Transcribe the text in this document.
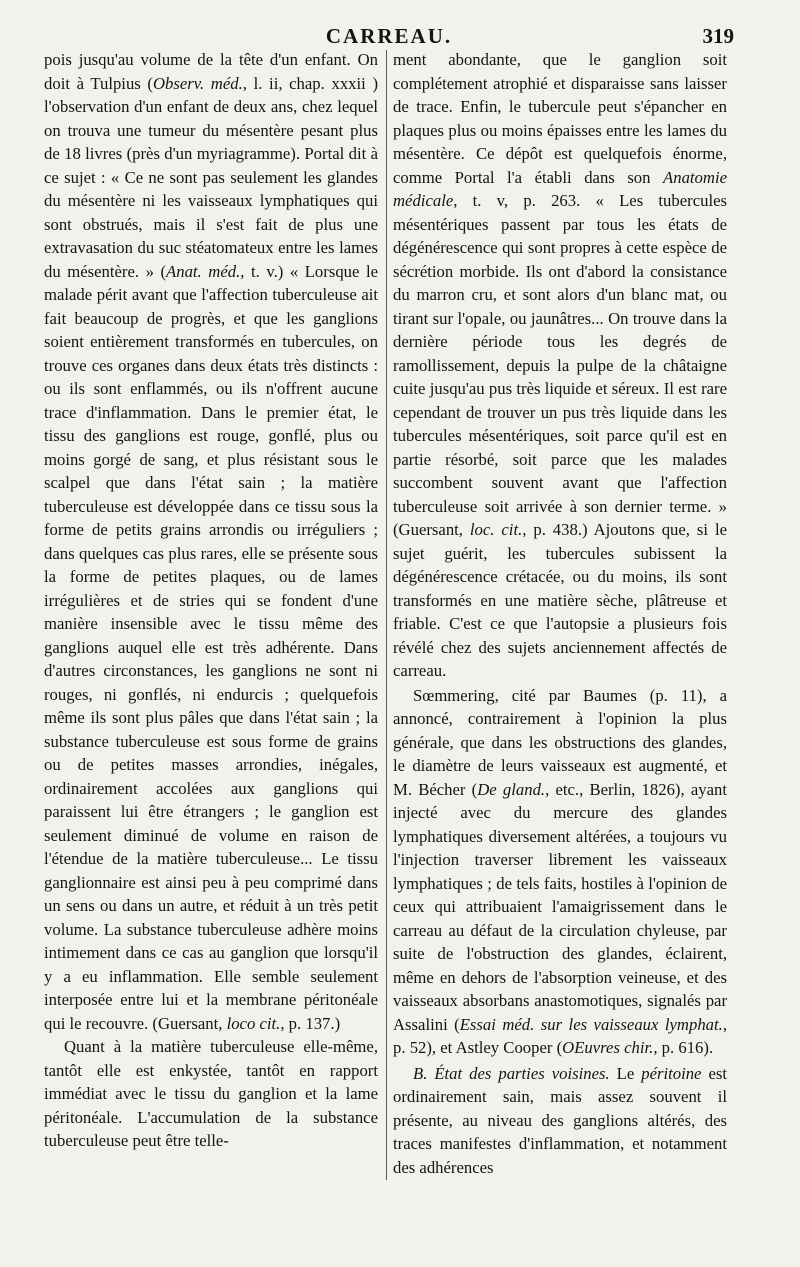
CARREAU.	319

pois jusqu'au volume de la tête d'un enfant. On doit à Tulpius (Observ. méd., l. ii, chap. xxxii ) l'observation d'un enfant de deux ans, chez lequel on trouva une tumeur du mésentère pesant plus de 18 livres (près d'un myriagramme). Portal dit à ce sujet : « Ce ne sont pas seulement les glandes du mésentère ni les vaisseaux lymphatiques qui sont obstrués, mais il s'est fait de plus une extravasation du suc stéatomateux entre les lames du mésentère. » (Anat. méd., t. v.) « Lorsque le malade périt avant que l'affection tuberculeuse ait fait beaucoup de progrès, et que les ganglions soient entièrement transformés en tubercules, on trouve ces organes dans deux états très distincts : ou ils sont enflammés, ou ils n'offrent aucune trace d'inflammation. Dans le premier état, le tissu des ganglions est rouge, gonflé, plus ou moins gorgé de sang, et plus résistant sous le scalpel que dans l'état sain ; la matière tuberculeuse est développée dans ce tissu sous la forme de petits grains arrondis ou irréguliers ; dans quelques cas plus rares, elle se présente sous la forme de petites plaques, ou de lames irrégulières et de stries qui se fondent d'une manière insensible avec le tissu même des ganglions auquel elle est très adhérente. Dans d'autres circonstances, les ganglions ne sont ni rouges, ni gonflés, ni endurcis ; quelquefois même ils sont plus pâles que dans l'état sain ; la substance tuberculeuse est sous forme de grains ou de petites masses arrondies, inégales, ordinairement accolées aux ganglions qui paraissent lui être étrangers ; le ganglion est seulement diminué de volume en raison de l'étendue de la matière tuberculeuse... Le tissu ganglionnaire est ainsi peu à peu comprimé dans un sens ou dans un autre, et réduit à un très petit volume. La substance tuberculeuse adhère moins intimement dans ce cas au ganglion que lorsqu'il y a eu inflammation. Elle semble seulement interposée entre lui et la membrane péritonéale qui le recouvre. (Guersant, loco cit., p. 137.)

Quant à la matière tuberculeuse elle-même, tantôt elle est enkystée, tantôt en rapport immédiat avec le tissu du ganglion et la lame péritonéale. L'accumulation de la substance tuberculeuse peut être telle-

ment abondante, que le ganglion soit complétement atrophié et disparaisse sans laisser de trace. Enfin, le tubercule peut s'épancher en plaques plus ou moins épaisses entre les lames du mésentère. Ce dépôt est quelquefois énorme, comme Portal l'a établi dans son Anatomie médicale, t. v, p. 263. « Les tubercules mésentériques passent par tous les états de dégénérescence qui sont propres à cette espèce de sécrétion morbide. Ils ont d'abord la consistance du marron cru, et sont alors d'un blanc mat, ou tirant sur l'opale, ou jaunâtres... On trouve dans la dernière période tous les degrés de ramollissement, depuis la pulpe de la châtaigne cuite jusqu'au pus très liquide et séreux. Il est rare cependant de trouver un pus très liquide dans les tubercules mésentériques, soit parce qu'il est en partie résorbé, soit parce que les malades succombent souvent avant que l'affection tuberculeuse soit arrivée à son dernier terme. » (Guersant, loc. cit., p. 438.) Ajoutons que, si le sujet guérit, les tubercules subissent la dégénérescence crétacée, ou du moins, ils sont transformés en une matière sèche, plâtreuse et friable. C'est ce que l'autopsie a plusieurs fois révélé chez des sujets anciennement affectés de carreau.

Sœmmering, cité par Baumes (p. 11), a annoncé, contrairement à l'opinion la plus générale, que dans les obstructions des glandes, le diamètre de leurs vaisseaux est augmenté, et M. Bécher (De gland., etc., Berlin, 1826), ayant injecté avec du mercure des glandes lymphatiques diversement altérées, a toujours vu l'injection traverser librement les vaisseaux lymphatiques ; de tels faits, hostiles à l'opinion de ceux qui attribuaient l'amaigrissement dans le carreau au défaut de la circulation chyleuse, par suite de l'obstruction des glandes, éclairent, même en dehors de l'absorption veineuse, et des vaisseaux absorbans anastomotiques, signalés par Assalini (Essai méd. sur les vaisseaux lymphat., p. 52), et Astley Cooper (OEuvres chir., p. 616).

B. État des parties voisines. Le péritoine est ordinairement sain, mais assez souvent il présente, au niveau des ganglions altérés, des traces manifestes d'inflammation, et notamment des adhérences
